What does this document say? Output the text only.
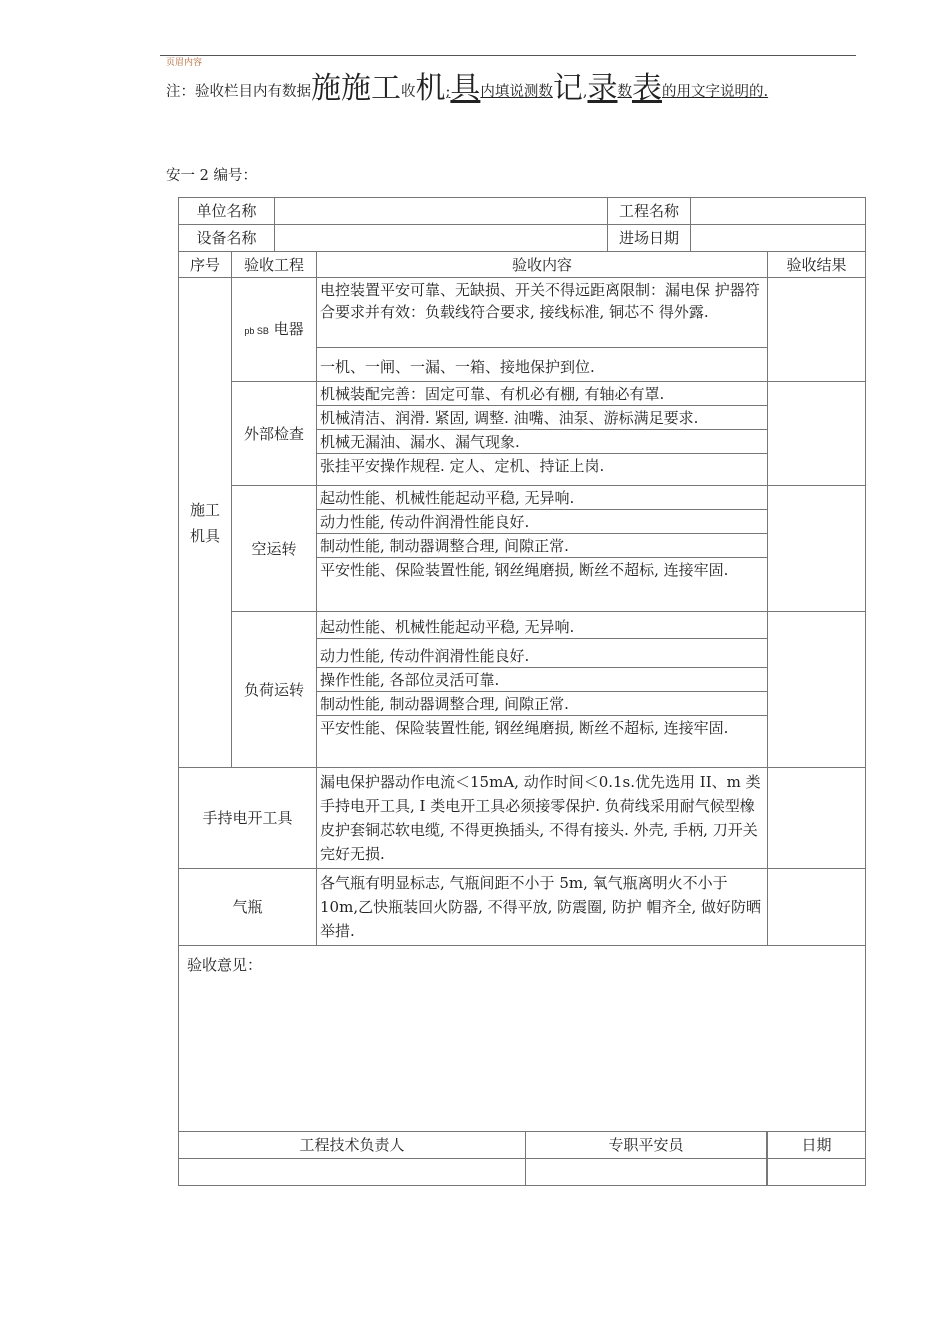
页眉内容
注：验收栏目内有数据施施工收机;具内填说测数记,录数表的用文字说明的.
安一 2 编号：
单位名称					工程名称	

设备名称					进场日期	

序号	验收工程		验收内容			验收结果

施工机具	pb SB 电器		电控装置平安可靠、无缺损、开关不得远距离限制：漏电保 护器符合要求并有效：负载线符合要求, 接线标准, 铜芯不 得外露.
一机、一闸、一漏、一箱、接地保护到位.			

	外部检查		机械装配完善：固定可靠、有机必有棚, 有轴必有罩.
机械清洁、润滑. 紧固, 调整. 油嘴、油泵、游标满足要求.
机械无漏油、漏水、漏气现象.
张挂平安操作规程. 定人、定机、持证上岗.			

	空运转		起动性能、机械性能起动平稳, 无异响.
动力性能, 传动件润滑性能良好.
制动性能, 制动器调整合理, 间隙正常.
平安性能、保险装置性能, 钢丝绳磨损, 断丝不超标, 连接牢固.			

	负荷运转		起动性能、机械性能起动平稳, 无异响.
动力性能, 传动件润滑性能良好.
操作性能, 各部位灵活可靠.
制动性能, 制动器调整合理, 间隙正常.
平安性能、保险装置性能, 钢丝绳磨损, 断丝不超标, 连接牢固.			

手持电开工具			漏电保护器动作电流＜15mA, 动作时间＜0.1s.优先选用 II、m 类手持电开工具, I 类电开工具必须接零保护. 负荷线采用耐气候型橡皮护套铜芯软电缆, 不得更换插头, 不得有接头. 外壳, 手柄, 刀开关完好无损.			
气瓶			各气瓶有明显标志, 气瓶间距不小于 5m, 氧气瓶离明火不小于 10m,乙快瓶装回火防器, 不得平放, 防震圈, 防护 帽齐全, 做好防晒举措.			
验收意见：						
工程技术负责人				专职平安员		日期
